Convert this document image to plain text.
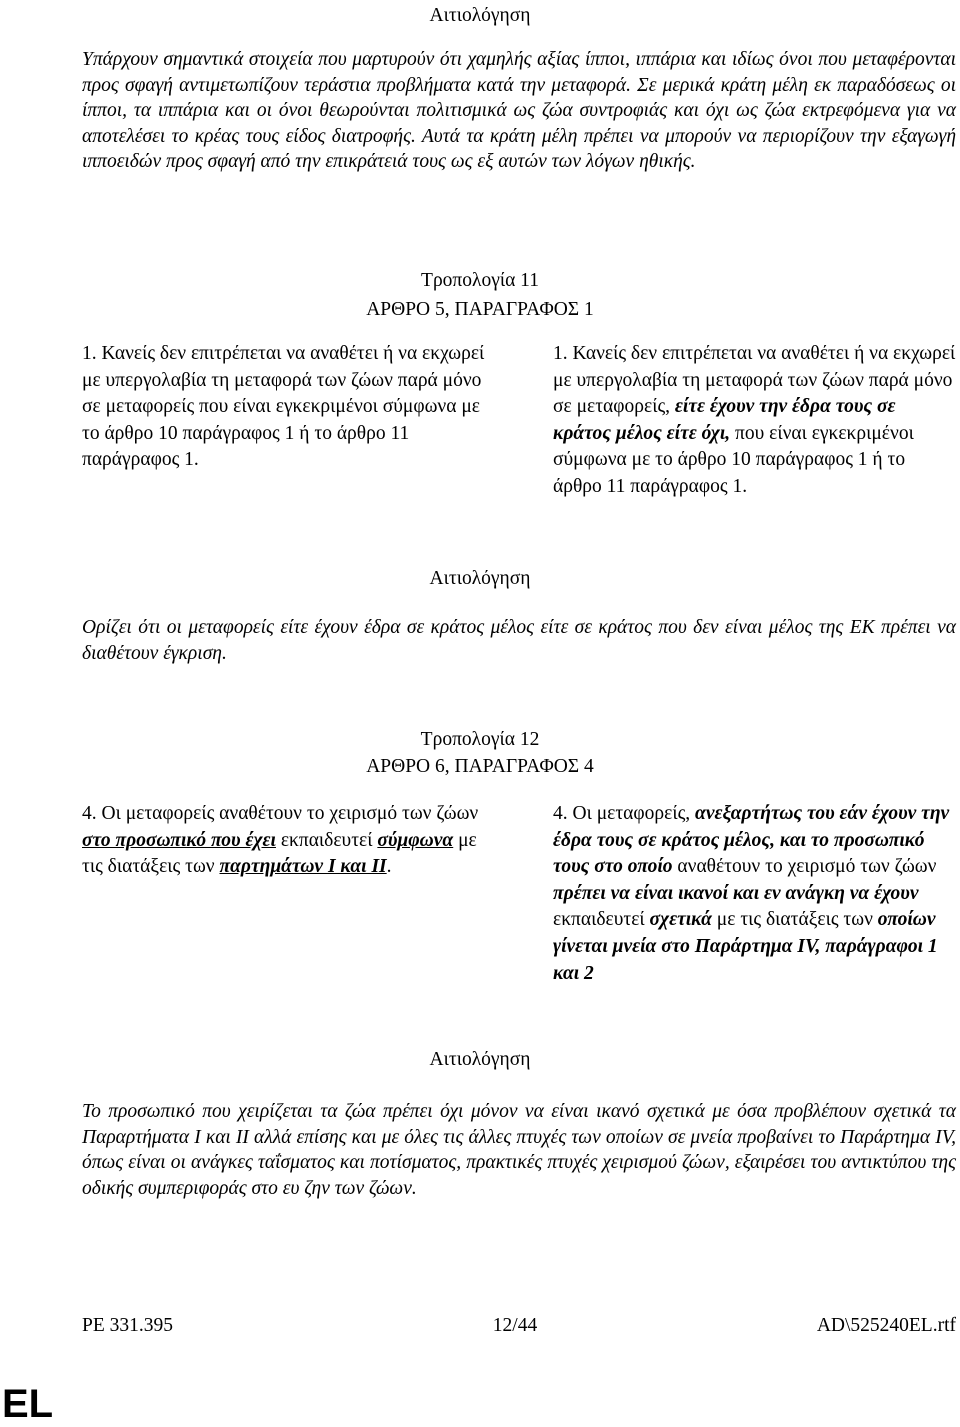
Αιτιολόγηση
Υπάρχουν σημαντικά στοιχεία που μαρτυρούν ότι χαμηλής αξίας ίπποι, ιππάρια και ιδίως όνοι που μεταφέρονται προς σφαγή αντιμετωπίζουν τεράστια προβλήματα κατά την μεταφορά. Σε μερικά κράτη μέλη εκ παραδόσεως οι ίπποι, τα ιππάρια και οι όνοι θεωρούνται πολιτισμικά ως ζώα συντροφιάς και όχι ως ζώα εκτρεφόμενα για να αποτελέσει το κρέας τους είδος διατροφής. Αυτά τα κράτη μέλη πρέπει να μπορούν να περιορίζουν την εξαγωγή ιπποειδών προς σφαγή από την επικράτειά τους ως εξ αυτών των λόγων ηθικής.
Τροπολογία 11
ΑΡΘΡΟ 5, ΠΑΡΑΓΡΑΦΟΣ 1
1. Κανείς δεν επιτρέπεται να αναθέτει ή να εκχωρεί με υπεργολαβία τη μεταφορά των ζώων παρά μόνο σε μεταφορείς που είναι εγκεκριμένοι σύμφωνα με το άρθρο 10 παράγραφος 1 ή το άρθρο 11 παράγραφος 1.
1. Κανείς δεν επιτρέπεται να αναθέτει ή να εκχωρεί με υπεργολαβία τη μεταφορά των ζώων παρά μόνο σε μεταφορείς, είτε έχουν την έδρα τους σε κράτος μέλος είτε όχι, που είναι εγκεκριμένοι σύμφωνα με το άρθρο 10 παράγραφος 1 ή το άρθρο 11 παράγραφος 1.
Αιτιολόγηση
Ορίζει ότι οι μεταφορείς είτε έχουν έδρα σε κράτος μέλος είτε σε κράτος που δεν είναι μέλος της ΕΚ πρέπει να διαθέτουν έγκριση.
Τροπολογία 12
ΑΡΘΡΟ 6, ΠΑΡΑΓΡΑΦΟΣ 4
4. Οι μεταφορείς αναθέτουν το χειρισμό των ζώων στο προσωπικό που έχει εκπαιδευτεί σύμφωνα με τις διατάξεις των παρτημάτων I και II.
4. Οι μεταφορείς, ανεξαρτήτως του εάν έχουν την έδρα τους σε κράτος μέλος, και το προσωπικό τους στο οποίο αναθέτουν το χειρισμό των ζώων πρέπει να είναι ικανοί και εν ανάγκη να έχουν εκπαιδευτεί σχετικά με τις διατάξεις των οποίων γίνεται μνεία στο Παράρτημα IV, παράγραφοι 1 και 2
Αιτιολόγηση
Το προσωπικό που χειρίζεται τα ζώα πρέπει όχι μόνον να είναι ικανό σχετικά με όσα προβλέπουν σχετικά τα Παραρτήματα I και II αλλά επίσης και με όλες τις άλλες πτυχές των οποίων σε μνεία προβαίνει το Παράρτημα IV, όπως είναι οι ανάγκες ταΐσματος και ποτίσματος, πρακτικές πτυχές χειρισμού ζώων, εξαιρέσει του αντικτύπου της οδικής συμπεριφοράς στο ευ ζην των ζώων.
PE 331.395	12/44	AD\525240EL.rtf
EL
